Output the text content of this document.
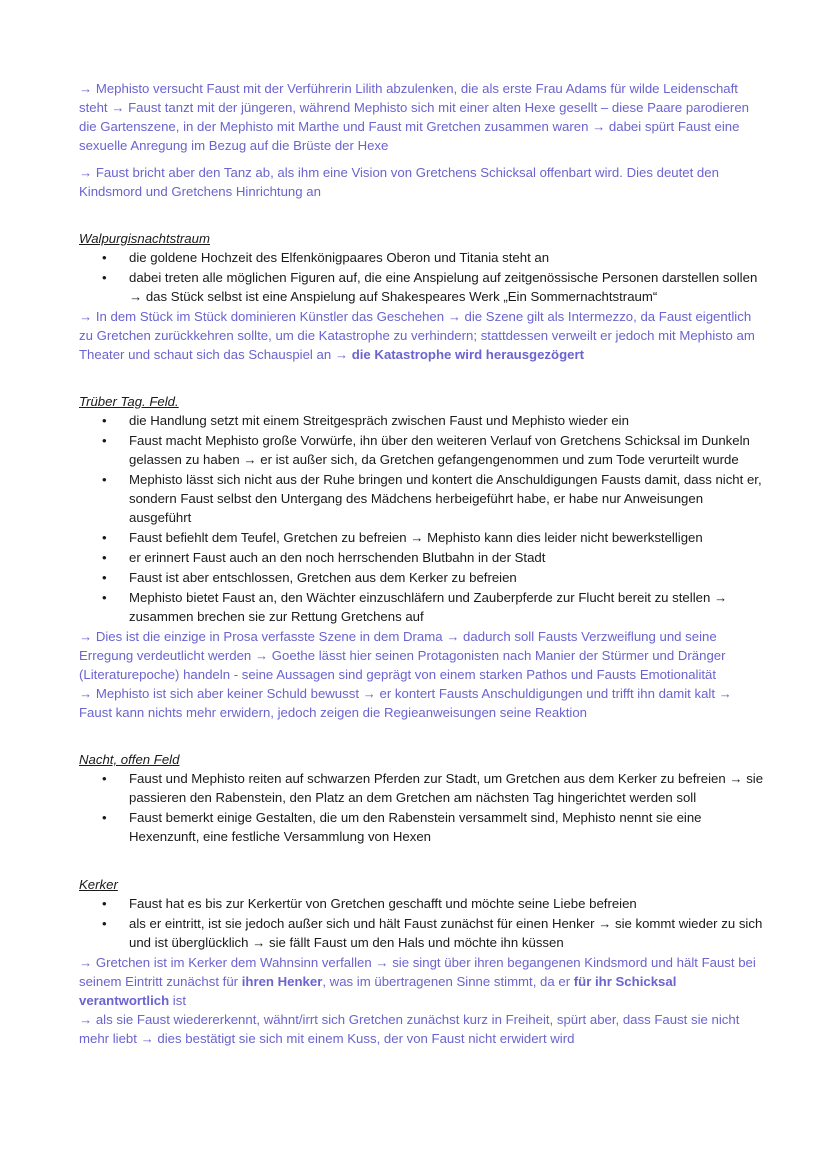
→ Mephisto versucht Faust mit der Verführerin Lilith abzulenken, die als erste Frau Adams für wilde Leidenschaft steht → Faust tanzt mit der jüngeren, während Mephisto sich mit einer alten Hexe gesellt – diese Paare parodieren die Gartenszene, in der Mephisto mit Marthe und Faust mit Gretchen zusammen waren → dabei spürt Faust eine sexuelle Anregung im Bezug auf die Brüste der Hexe

→ Faust bricht aber den Tanz ab, als ihm eine Vision von Gretchens Schicksal offenbart wird. Dies deutet den Kindsmord und Gretchens Hinrichtung an

Walpurgisnachtstraum

• die goldene Hochzeit des Elfenkönigpaares Oberon und Titania steht an
• dabei treten alle möglichen Figuren auf, die eine Anspielung auf zeitgenössische Personen darstellen sollen → das Stück selbst ist eine Anspielung auf Shakespeares Werk „Ein Sommernachtstraum“

→ In dem Stück im Stück dominieren Künstler das Geschehen → die Szene gilt als Intermezzo, da Faust eigentlich zu Gretchen zurückkehren sollte, um die Katastrophe zu verhindern; stattdessen verweilt er jedoch mit Mephisto am Theater und schaut sich das Schauspiel an → die Katastrophe wird herausgezögert

Trüber Tag. Feld.

• die Handlung setzt mit einem Streitgespräch zwischen Faust und Mephisto wieder ein
• Faust macht Mephisto große Vorwürfe, ihn über den weiteren Verlauf von Gretchens Schicksal im Dunkeln gelassen zu haben → er ist außer sich, da Gretchen gefangengenommen und zum Tode verurteilt wurde
• Mephisto lässt sich nicht aus der Ruhe bringen und kontert die Anschuldigungen Fausts damit, dass nicht er, sondern Faust selbst den Untergang des Mädchens herbeigeführt habe, er habe nur Anweisungen ausgeführt
• Faust befiehlt dem Teufel, Gretchen zu befreien → Mephisto kann dies leider nicht bewerkstelligen
• er erinnert Faust auch an den noch herrschenden Blutbahn in der Stadt
• Faust ist aber entschlossen, Gretchen aus dem Kerker zu befreien
• Mephisto bietet Faust an, den Wächter einzuschläfern und Zauberpferde zur Flucht bereit zu stellen → zusammen brechen sie zur Rettung Gretchens auf

→ Dies ist die einzige in Prosa verfasste Szene in dem Drama → dadurch soll Fausts Verzweiflung und seine Erregung verdeutlicht werden → Goethe lässt hier seinen Protagonisten nach Manier der Stürmer und Dränger (Literaturepoche) handeln - seine Aussagen sind geprägt von einem starken Pathos und Fausts Emotionalität

→ Mephisto ist sich aber keiner Schuld bewusst → er kontert Fausts Anschuldigungen und trifft ihn damit kalt → Faust kann nichts mehr erwidern, jedoch zeigen die Regieanweisungen seine Reaktion

Nacht, offen Feld

• Faust und Mephisto reiten auf schwarzen Pferden zur Stadt, um Gretchen aus dem Kerker zu befreien → sie passieren den Rabenstein, den Platz an dem Gretchen am nächsten Tag hingerichtet werden soll
• Faust bemerkt einige Gestalten, die um den Rabenstein versammelt sind, Mephisto nennt sie eine Hexenzunft, eine festliche Versammlung von Hexen

Kerker

• Faust hat es bis zur Kerkertür von Gretchen geschafft und möchte seine Liebe befreien
• als er eintritt, ist sie jedoch außer sich und hält Faust zunächst für einen Henker → sie kommt wieder zu sich und ist überglücklich → sie fällt Faust um den Hals und möchte ihn küssen

→ Gretchen ist im Kerker dem Wahnsinn verfallen → sie singt über ihren begangenen Kindsmord und hält Faust bei seinem Eintritt zunächst für ihren Henker, was im übertragenen Sinne stimmt, da er für ihr Schicksal verantwortlich ist

→ als sie Faust wiedererkennt, wähnt/irrt sich Gretchen zunächst kurz in Freiheit, spürt aber, dass Faust sie nicht mehr liebt → dies bestätigt sie sich mit einem Kuss, der von Faust nicht erwidert wird
